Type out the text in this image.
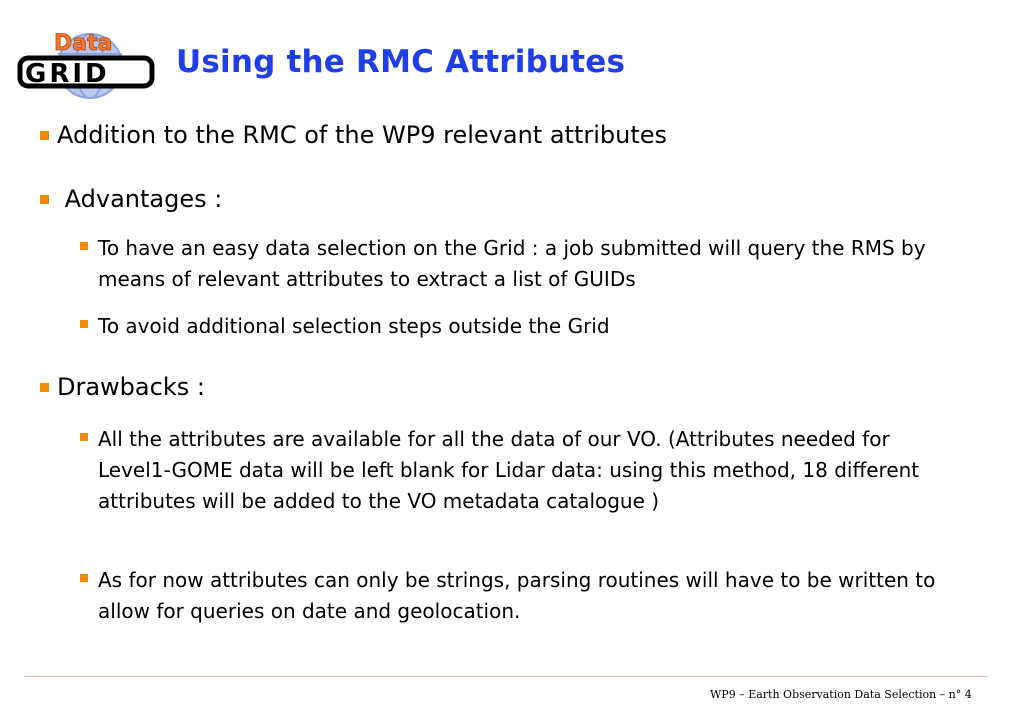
Data
GRID Using the RMC Attributes
Addition to the RMC of the WP9 relevant attributes
Advantages :
To have an easy data selection on the Grid : a job submitted will query the RMS by means of relevant attributes to extract a list of GUIDs
To avoid additional selection steps outside the Grid
Drawbacks :
All the attributes are available for all the data of our VO. (Attributes needed for Level1-GOME data will be left blank for Lidar data: using this method, 18 different attributes will be added to the VO metadata catalogue )
As for now attributes can only be strings, parsing routines will have to be written to allow for queries on date and geolocation.
WP9 – Earth Observation Data Selection – n° 4
